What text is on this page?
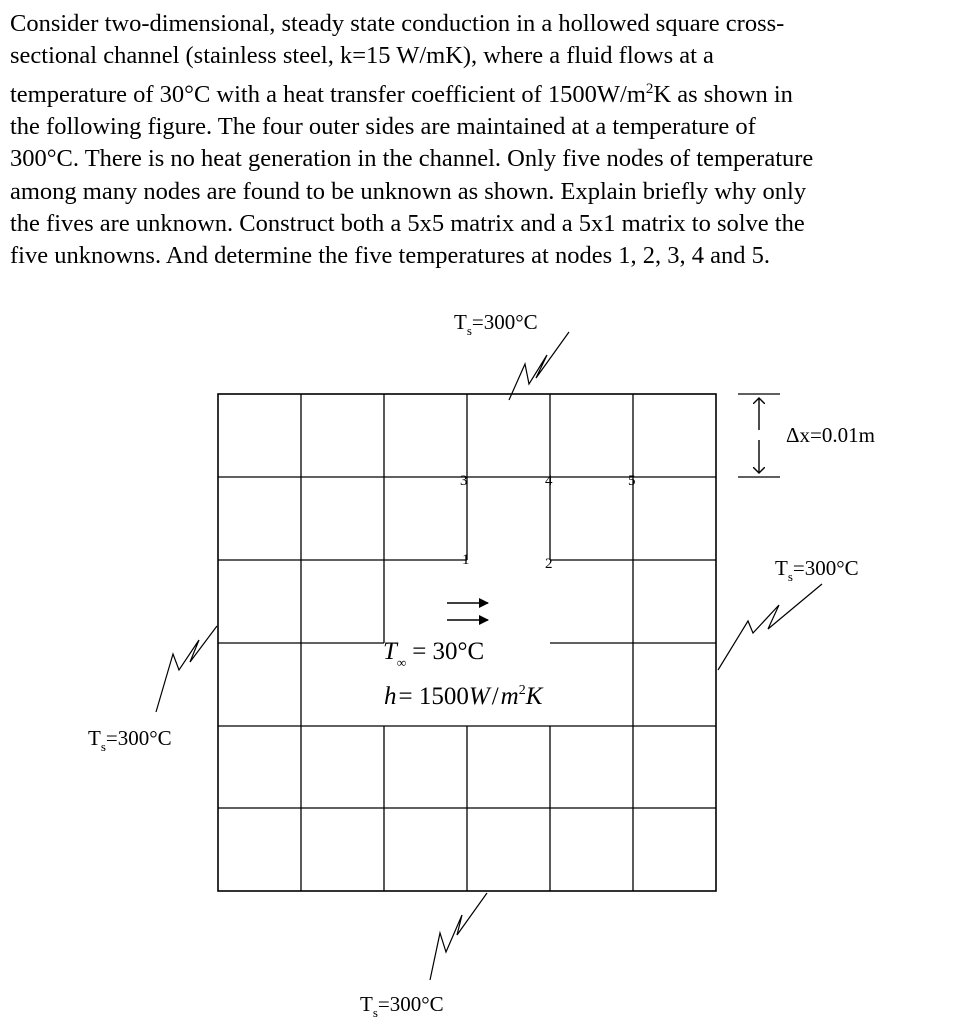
Consider two-dimensional, steady state conduction in a hollowed square cross-
sectional channel (stainless steel, k=15 W/mK), where a fluid flows at a
temperature of 30°C with a heat transfer coefficient of $1500W/m^2K$ as shown in
the following figure. The four outer sides are maintained at a temperature of
300°C. There is no heat generation in the channel. Only five nodes of temperature
among many nodes are found to be unknown as shown. Explain briefly why only
the fives are unknown. Construct both a 5x5 matrix and a 5x1 matrix to solve the
five unknowns. And determine the five temperatures at nodes 1, 2, 3, 4 and 5.

1	2
3	4	5
$T_\infty = 30^\circ C$
$h= 1500W/m^2K$
$T_s=300^\circ C$
$T_s=300^\circ C$
$T_s=300^\circ C$
$T_s=300^\circ C$
Δx=0.01m
